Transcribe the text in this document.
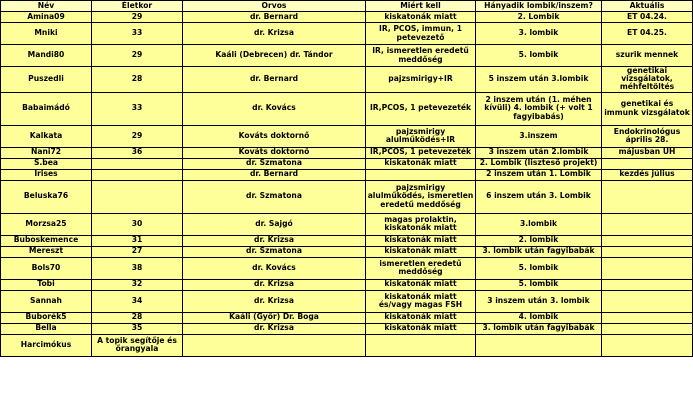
Név	Életkor	Orvos	Miért kell	Hányadik lombik/inszem?	Aktuális
Amina09	29	dr. Bernard	kiskatonák miatt	2. Lombik	ET 04.24.
Mniki	33	dr. Krizsa	IR, PCOS, immun, 1 petevezető	3. lombik	ET 04.25.
Mandi80	29	Kaáli (Debrecen) dr. Tándor	IR, ismeretlen eredetű meddőség	5. lombik	szurik mennek
Puszedli	28	dr. Bernard	pajzsmirigy+IR	5 inszem után 3.lombik	genetikai vizsgálatok, méhfeltöltés
Babaimádó	33	dr. Kovács	IR,PCOS, 1 petevezeték	2 inszem után (1. méhen kívüli) 4. lombik (+ volt 1 fagyibabás)	genetikai és immunk vizsgálatok
Kalkata	29	Kováts doktornő	pajzsmirigy alulműködés+IR	3.inszem	Endokrinológus április 28.
Nani72	36	Kováts doktornő	IR,PCOS, 1 petevezeték	3 inszem után 2.lombik	májusban UH
S.bea		dr. Szmatona	kiskatonák miatt	2. Lombik (lisztesö projekt)	
Irises		dr. Bernard		2 inszem után 1. Lombik	kezdés július
Beluska76		dr. Szmatona	pajzsmirigy alulműködés, ismeretlen eredetű meddőség	6 inszem után 3. Lombik	
Morzsa25	30	dr. Sajgó	magas prolaktin, kiskatonák miatt	3.lombik	
Buboskemence	31	dr. Krizsa	kiskatonák miatt	2. lombik	
Mereszt	27	dr. Szmatona	kiskatonák miatt	3. lombik után fagyibabák	
Bols70	38	dr. Kovács	ismeretlen eredetű meddőség	5. lombik	
Tobi	32	dr. Krizsa	kiskatonák miatt	5. lombik	
Sannah	34	dr. Krizsa	kiskatonák miatt és/vagy magas FSH	3 inszem után 3. lombik	
Buborék5	28	Kaáli (Győr) Dr. Boga	kiskatonák miatt	4. lombik	
Bella	35	dr. Krizsa	kiskatonák miatt	3. lombik után fagyibabák	
Harcimókus	A topik segítője és őrangyala				
